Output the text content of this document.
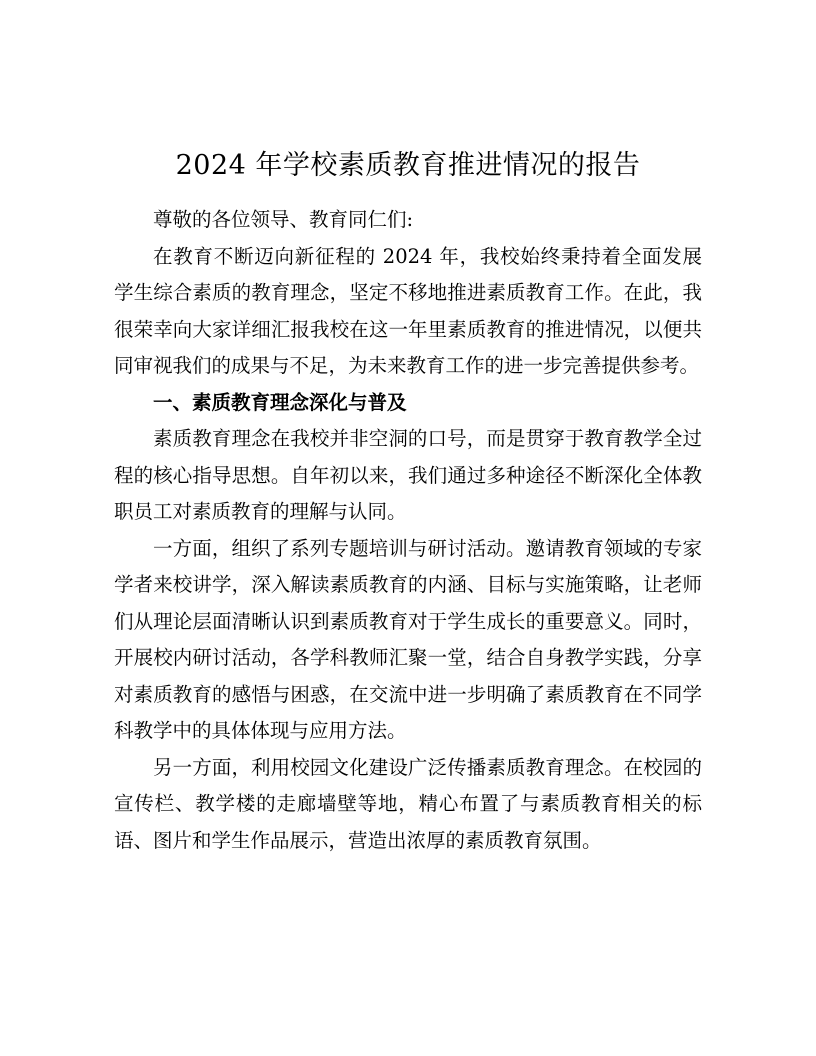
2024 年学校素质教育推进情况的报告

尊敬的各位领导、教育同仁们:

在教育不断迈向新征程的 2024 年，我校始终秉持着全面发展学生综合素质的教育理念，坚定不移地推进素质教育工作。在此，我很荣幸向大家详细汇报我校在这一年里素质教育的推进情况，以便共同审视我们的成果与不足，为未来教育工作的进一步完善提供参考。

一、素质教育理念深化与普及

素质教育理念在我校并非空洞的口号，而是贯穿于教育教学全过程的核心指导思想。自年初以来，我们通过多种途径不断深化全体教职员工对素质教育的理解与认同。

一方面，组织了系列专题培训与研讨活动。邀请教育领域的专家学者来校讲学，深入解读素质教育的内涵、目标与实施策略，让老师们从理论层面清晰认识到素质教育对于学生成长的重要意义。同时，开展校内研讨活动，各学科教师汇聚一堂，结合自身教学实践，分享对素质教育的感悟与困惑，在交流中进一步明确了素质教育在不同学科教学中的具体体现与应用方法。

另一方面，利用校园文化建设广泛传播素质教育理念。在校园的宣传栏、教学楼的走廊墙壁等地，精心布置了与素质教育相关的标语、图片和学生作品展示，营造出浓厚的素质教育氛围。
